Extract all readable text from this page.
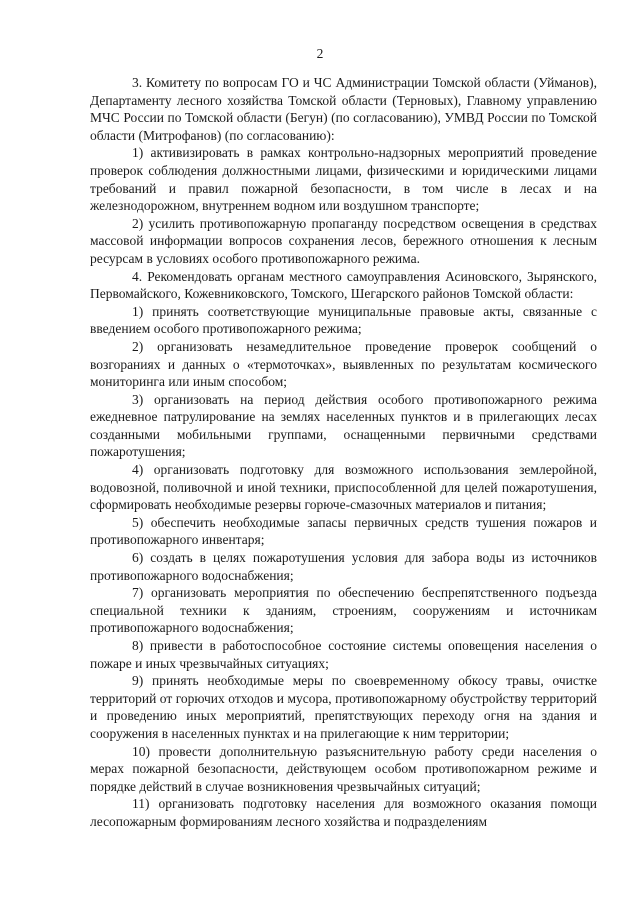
2

3. Комитету по вопросам ГО и ЧС Администрации Томской области (Уйманов), Департаменту лесного хозяйства Томской области (Терновых), Главному управлению МЧС России по Томской области (Бегун) (по согласованию), УМВД России по Томской области (Митрофанов) (по согласованию):

1) активизировать в рамках контрольно-надзорных мероприятий проведение проверок соблюдения должностными лицами, физическими и юридическими лицами требований и правил пожарной безопасности, в том числе в лесах и на железнодорожном, внутреннем водном или воздушном транспорте;

2) усилить противопожарную пропаганду посредством освещения в средствах массовой информации вопросов сохранения лесов, бережного отношения к лесным ресурсам в условиях особого противопожарного режима.

4. Рекомендовать органам местного самоуправления Асиновского, Зырянского, Первомайского, Кожевниковского, Томского, Шегарского районов Томской области:

1) принять соответствующие муниципальные правовые акты, связанные с введением особого противопожарного режима;

2) организовать незамедлительное проведение проверок сообщений о возгораниях и данных о «термоточках», выявленных по результатам космического мониторинга или иным способом;

3) организовать на период действия особого противопожарного режима ежедневное патрулирование на землях населенных пунктов и в прилегающих лесах созданными мобильными группами, оснащенными первичными средствами пожаротушения;

4) организовать подготовку для возможного использования землеройной, водовозной, поливочной и иной техники, приспособленной для целей пожаротушения, сформировать необходимые резервы горюче-смазочных материалов и питания;

5) обеспечить необходимые запасы первичных средств тушения пожаров и противопожарного инвентаря;

6) создать в целях пожаротушения условия для забора воды из источников противопожарного водоснабжения;

7) организовать мероприятия по обеспечению беспрепятственного подъезда специальной техники к зданиям, строениям, сооружениям и источникам противопожарного водоснабжения;

8) привести в работоспособное состояние системы оповещения населения о пожаре и иных чрезвычайных ситуациях;

9) принять необходимые меры по своевременному обкосу травы, очистке территорий от горючих отходов и мусора, противопожарному обустройству территорий и проведению иных мероприятий, препятствующих переходу огня на здания и сооружения в населенных пунктах и на прилегающие к ним территории;

10) провести дополнительную разъяснительную работу среди населения о мерах пожарной безопасности, действующем особом противопожарном режиме и порядке действий в случае возникновения чрезвычайных ситуаций;

11) организовать подготовку населения для возможного оказания помощи лесопожарным формированиям лесного хозяйства и подразделениям
